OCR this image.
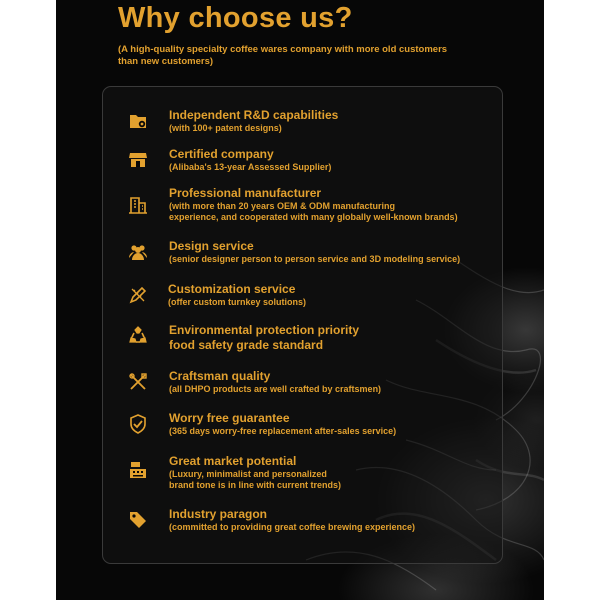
Why choose us?
(A high-quality specialty coffee wares company with more old customers
than new customers)
Independent R&D capabilities
(with 100+ patent designs)
Certified company
(Alibaba's 13-year Assessed Supplier)
Professional manufacturer
(with more than 20 years OEM & ODM manufacturing
experience, and cooperated with many globally well-known brands)
Design service
(senior designer person to person service and 3D modeling service)
Customization service
(offer custom turnkey solutions)
Environmental protection priority
food safety grade standard
Craftsman quality
(all DHPO products are well crafted by craftsmen)
Worry free guarantee
(365 days worry-free replacement after-sales service)
Great market potential
(Luxury, minimalist and personalized
brand tone is in line with current trends)
Industry paragon
(committed to providing great coffee brewing experience)
